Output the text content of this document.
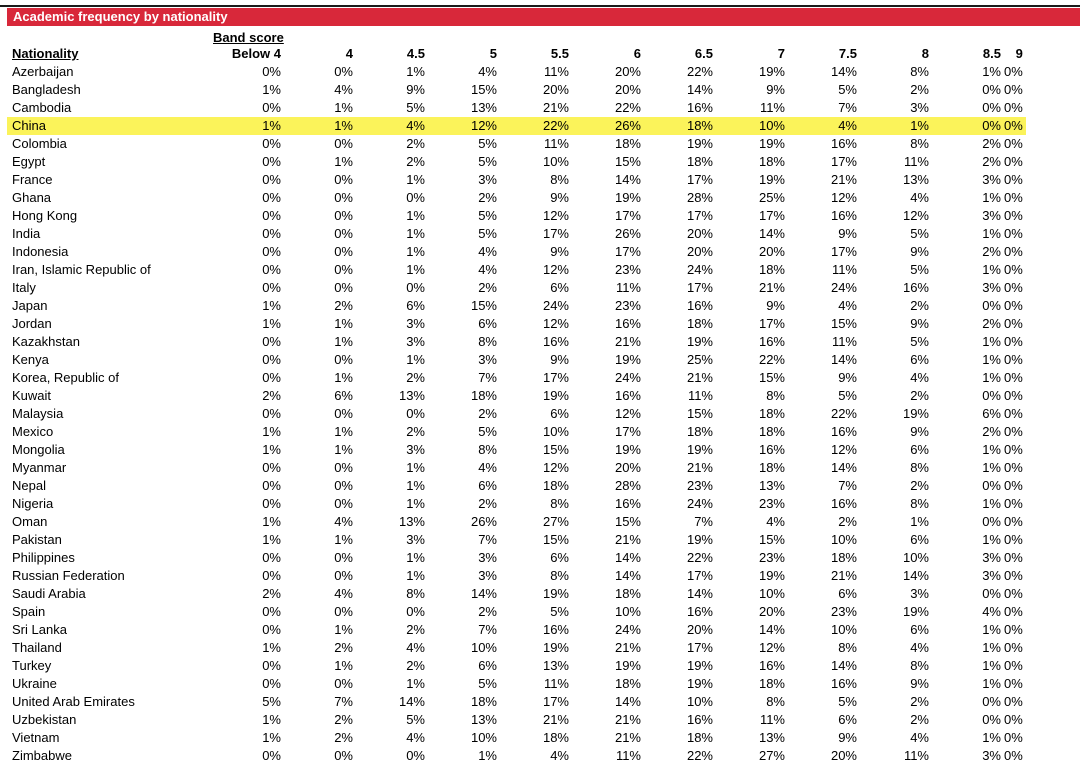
Academic frequency by nationality
Band score
Nationality	Below 4	4	4.5	5	5.5	6	6.5	7	7.5	8	8.5	9
Azerbaijan	0%	0%	1%	4%	11%	20%	22%	19%	14%	8%	1%	0%
Bangladesh	1%	4%	9%	15%	20%	20%	14%	9%	5%	2%	0%	0%
Cambodia	0%	1%	5%	13%	21%	22%	16%	11%	7%	3%	0%	0%
China	1%	1%	4%	12%	22%	26%	18%	10%	4%	1%	0%	0%
Colombia	0%	0%	2%	5%	11%	18%	19%	19%	16%	8%	2%	0%
Egypt	0%	1%	2%	5%	10%	15%	18%	18%	17%	11%	2%	0%
France	0%	0%	1%	3%	8%	14%	17%	19%	21%	13%	3%	0%
Ghana	0%	0%	0%	2%	9%	19%	28%	25%	12%	4%	1%	0%
Hong Kong	0%	0%	1%	5%	12%	17%	17%	17%	16%	12%	3%	0%
India	0%	0%	1%	5%	17%	26%	20%	14%	9%	5%	1%	0%
Indonesia	0%	0%	1%	4%	9%	17%	20%	20%	17%	9%	2%	0%
Iran, Islamic Republic of	0%	0%	1%	4%	12%	23%	24%	18%	11%	5%	1%	0%
Italy	0%	0%	0%	2%	6%	11%	17%	21%	24%	16%	3%	0%
Japan	1%	2%	6%	15%	24%	23%	16%	9%	4%	2%	0%	0%
Jordan	1%	1%	3%	6%	12%	16%	18%	17%	15%	9%	2%	0%
Kazakhstan	0%	1%	3%	8%	16%	21%	19%	16%	11%	5%	1%	0%
Kenya	0%	0%	1%	3%	9%	19%	25%	22%	14%	6%	1%	0%
Korea, Republic of	0%	1%	2%	7%	17%	24%	21%	15%	9%	4%	1%	0%
Kuwait	2%	6%	13%	18%	19%	16%	11%	8%	5%	2%	0%	0%
Malaysia	0%	0%	0%	2%	6%	12%	15%	18%	22%	19%	6%	0%
Mexico	1%	1%	2%	5%	10%	17%	18%	18%	16%	9%	2%	0%
Mongolia	1%	1%	3%	8%	15%	19%	19%	16%	12%	6%	1%	0%
Myanmar	0%	0%	1%	4%	12%	20%	21%	18%	14%	8%	1%	0%
Nepal	0%	0%	1%	6%	18%	28%	23%	13%	7%	2%	0%	0%
Nigeria	0%	0%	1%	2%	8%	16%	24%	23%	16%	8%	1%	0%
Oman	1%	4%	13%	26%	27%	15%	7%	4%	2%	1%	0%	0%
Pakistan	1%	1%	3%	7%	15%	21%	19%	15%	10%	6%	1%	0%
Philippines	0%	0%	1%	3%	6%	14%	22%	23%	18%	10%	3%	0%
Russian Federation	0%	0%	1%	3%	8%	14%	17%	19%	21%	14%	3%	0%
Saudi Arabia	2%	4%	8%	14%	19%	18%	14%	10%	6%	3%	0%	0%
Spain	0%	0%	0%	2%	5%	10%	16%	20%	23%	19%	4%	0%
Sri Lanka	0%	1%	2%	7%	16%	24%	20%	14%	10%	6%	1%	0%
Thailand	1%	2%	4%	10%	19%	21%	17%	12%	8%	4%	1%	0%
Turkey	0%	1%	2%	6%	13%	19%	19%	16%	14%	8%	1%	0%
Ukraine	0%	0%	1%	5%	11%	18%	19%	18%	16%	9%	1%	0%
United Arab Emirates	5%	7%	14%	18%	17%	14%	10%	8%	5%	2%	0%	0%
Uzbekistan	1%	2%	5%	13%	21%	21%	16%	11%	6%	2%	0%	0%
Vietnam	1%	2%	4%	10%	18%	21%	18%	13%	9%	4%	1%	0%
Zimbabwe	0%	0%	0%	1%	4%	11%	22%	27%	20%	11%	3%	0%
